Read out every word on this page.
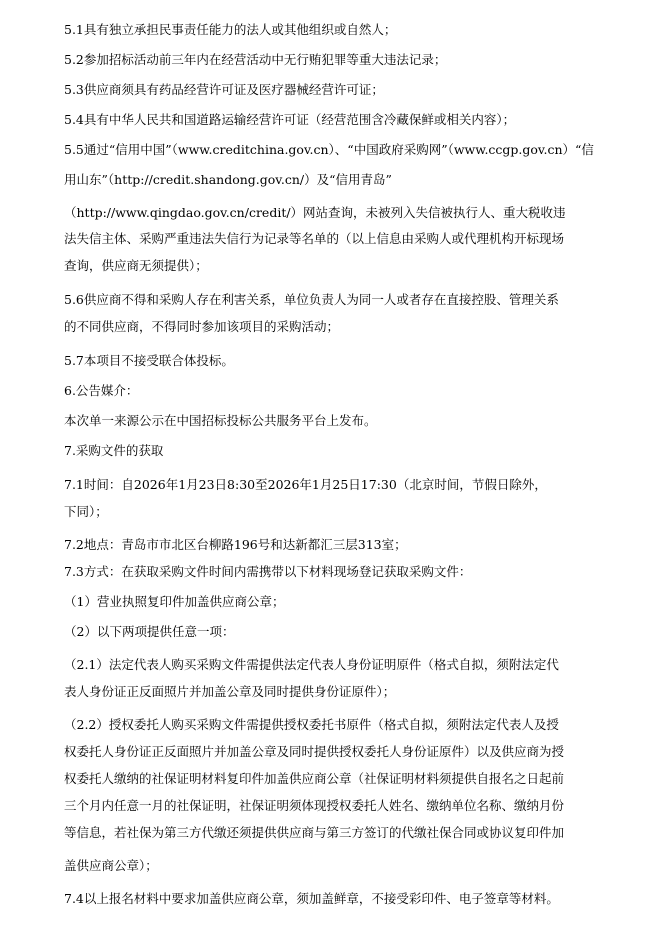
5.1具有独立承担民事责任能力的法人或其他组织或自然人；
5.2参加招标活动前三年内在经营活动中无行贿犯罪等重大违法记录；
5.3供应商须具有药品经营许可证及医疗器械经营许可证；
5.4具有中华人民共和国道路运输经营许可证（经营范围含冷藏保鲜或相关内容）；
5.5通过“信用中国”（www.creditchina.gov.cn）、“中国政府采购网”（www.ccgp.gov.cn）“信
用山东”（http://credit.shandong.gov.cn/）及“信用青岛”
（http://www.qingdao.gov.cn/credit/）网站查询，未被列入失信被执行人、重大税收违
法失信主体、采购严重违法失信行为记录等名单的（以上信息由采购人或代理机构开标现场
查询，供应商无须提供）；
5.6供应商不得和采购人存在利害关系，单位负责人为同一人或者存在直接控股、管理关系
的不同供应商，不得同时参加该项目的采购活动；
5.7本项目不接受联合体投标。
6.公告媒介：
本次单一来源公示在中国招标投标公共服务平台上发布。
7.采购文件的获取
7.1时间：自2026年1月23日8:30至2026年1月25日17:30（北京时间，节假日除外，
下同）；
7.2地点：青岛市市北区台柳路196号和达新都汇三层313室；
7.3方式：在获取采购文件时间内需携带以下材料现场登记获取采购文件：
（1）营业执照复印件加盖供应商公章；
（2）以下两项提供任意一项：
（2.1）法定代表人购买采购文件需提供法定代表人身份证明原件（格式自拟，须附法定代
表人身份证正反面照片并加盖公章及同时提供身份证原件）；
（2.2）授权委托人购买采购文件需提供授权委托书原件（格式自拟，须附法定代表人及授
权委托人身份证正反面照片并加盖公章及同时提供授权委托人身份证原件）以及供应商为授
权委托人缴纳的社保证明材料复印件加盖供应商公章（社保证明材料须提供自报名之日起前
三个月内任意一月的社保证明，社保证明须体现授权委托人姓名、缴纳单位名称、缴纳月份
等信息，若社保为第三方代缴还须提供供应商与第三方签订的代缴社保合同或协议复印件加
盖供应商公章）；
7.4以上报名材料中要求加盖供应商公章，须加盖鲜章，不接受彩印件、电子签章等材料。
